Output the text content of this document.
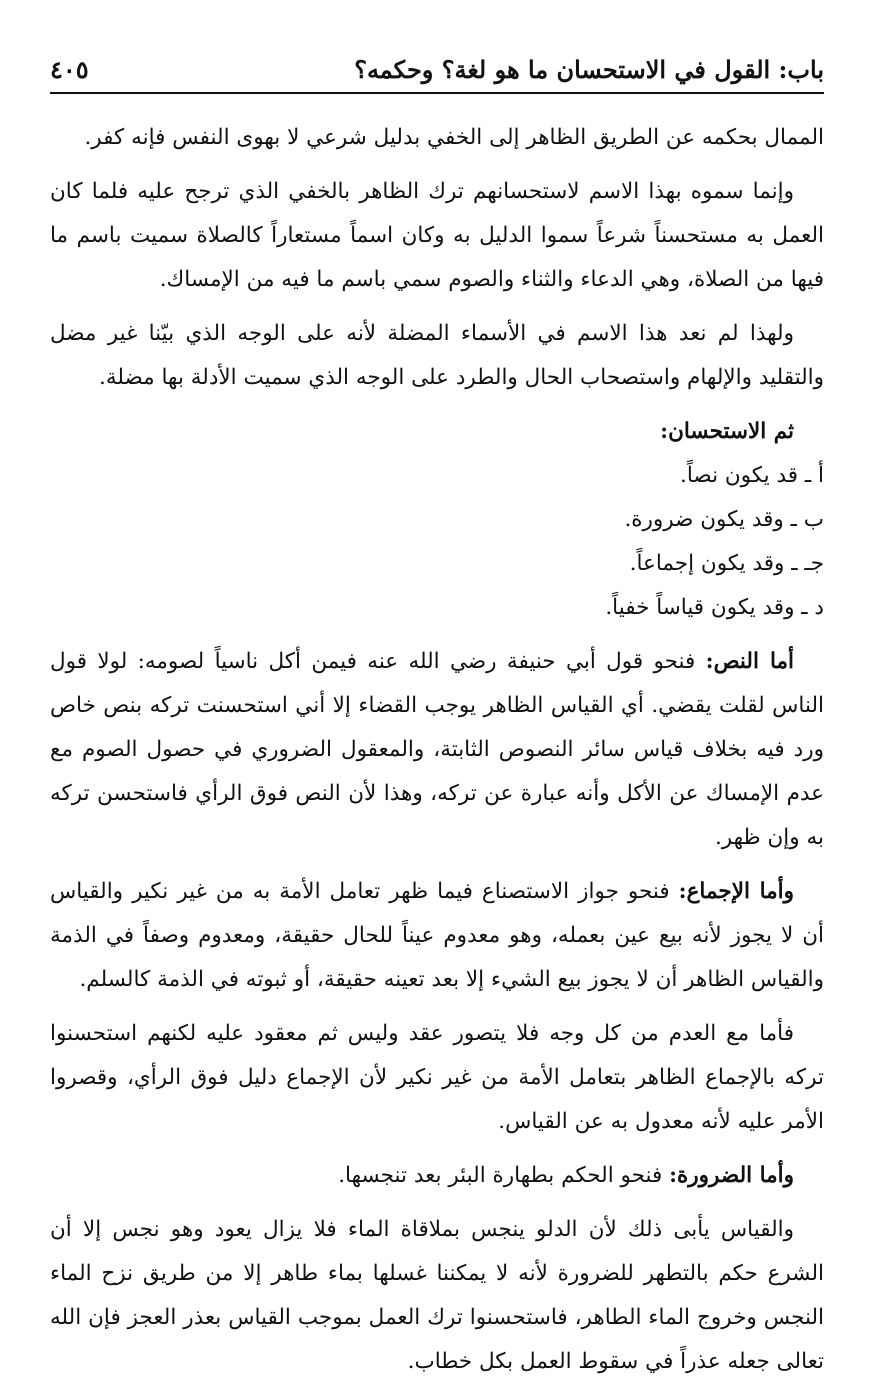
باب: القول في الاستحسان ما هو لغة؟ وحكمه؟
٤٠٥

الممال بحكمه عن الطريق الظاهر إلى الخفي بدليل شرعي لا بهوى النفس فإنه كفر.

وإنما سموه بهذا الاسم لاستحسانهم ترك الظاهر بالخفي الذي ترجح عليه فلما كان العمل به مستحسناً شرعاً سموا الدليل به وكان اسماً مستعاراً كالصلاة سميت باسم ما فيها من الصلاة، وهي الدعاء والثناء والصوم سمي باسم ما فيه من الإمساك.

ولهذا لم نعد هذا الاسم في الأسماء المضلة لأنه على الوجه الذي بيّنا غير مضل والتقليد والإلهام واستصحاب الحال والطرد على الوجه الذي سميت الأدلة بها مضلة.

ثم الاستحسان:

أ ـ قد يكون نصاً.

ب ـ وقد يكون ضرورة.

جـ ـ وقد يكون إجماعاً.

د ـ وقد يكون قياساً خفياً.

أما النص: فنحو قول أبي حنيفة رضي الله عنه فيمن أكل ناسياً لصومه: لولا قول الناس لقلت يقضي. أي القياس الظاهر يوجب القضاء إلا أني استحسنت تركه بنص خاص ورد فيه بخلاف قياس سائر النصوص الثابتة، والمعقول الضروري في حصول الصوم مع عدم الإمساك عن الأكل وأنه عبارة عن تركه، وهذا لأن النص فوق الرأي فاستحسن تركه به وإن ظهر.

وأما الإجماع: فنحو جواز الاستصناع فيما ظهر تعامل الأمة به من غير نكير والقياس أن لا يجوز لأنه بيع عين بعمله، وهو معدوم عيناً للحال حقيقة، ومعدوم وصفاً في الذمة والقياس الظاهر أن لا يجوز بيع الشيء إلا بعد تعينه حقيقة، أو ثبوته في الذمة كالسلم.

فأما مع العدم من كل وجه فلا يتصور عقد وليس ثم معقود عليه لكنهم استحسنوا تركه بالإجماع الظاهر بتعامل الأمة من غير نكير لأن الإجماع دليل فوق الرأي، وقصروا الأمر عليه لأنه معدول به عن القياس.

وأما الضرورة: فنحو الحكم بطهارة البئر بعد تنجسها.

والقياس يأبى ذلك لأن الدلو ينجس بملاقاة الماء فلا يزال يعود وهو نجس إلا أن الشرع حكم بالتطهر للضرورة لأنه لا يمكننا غسلها بماء طاهر إلا من طريق نزح الماء النجس وخروج الماء الطاهر، فاستحسنوا ترك العمل بموجب القياس بعذر العجز فإن الله تعالى جعله عذراً في سقوط العمل بكل خطاب.
